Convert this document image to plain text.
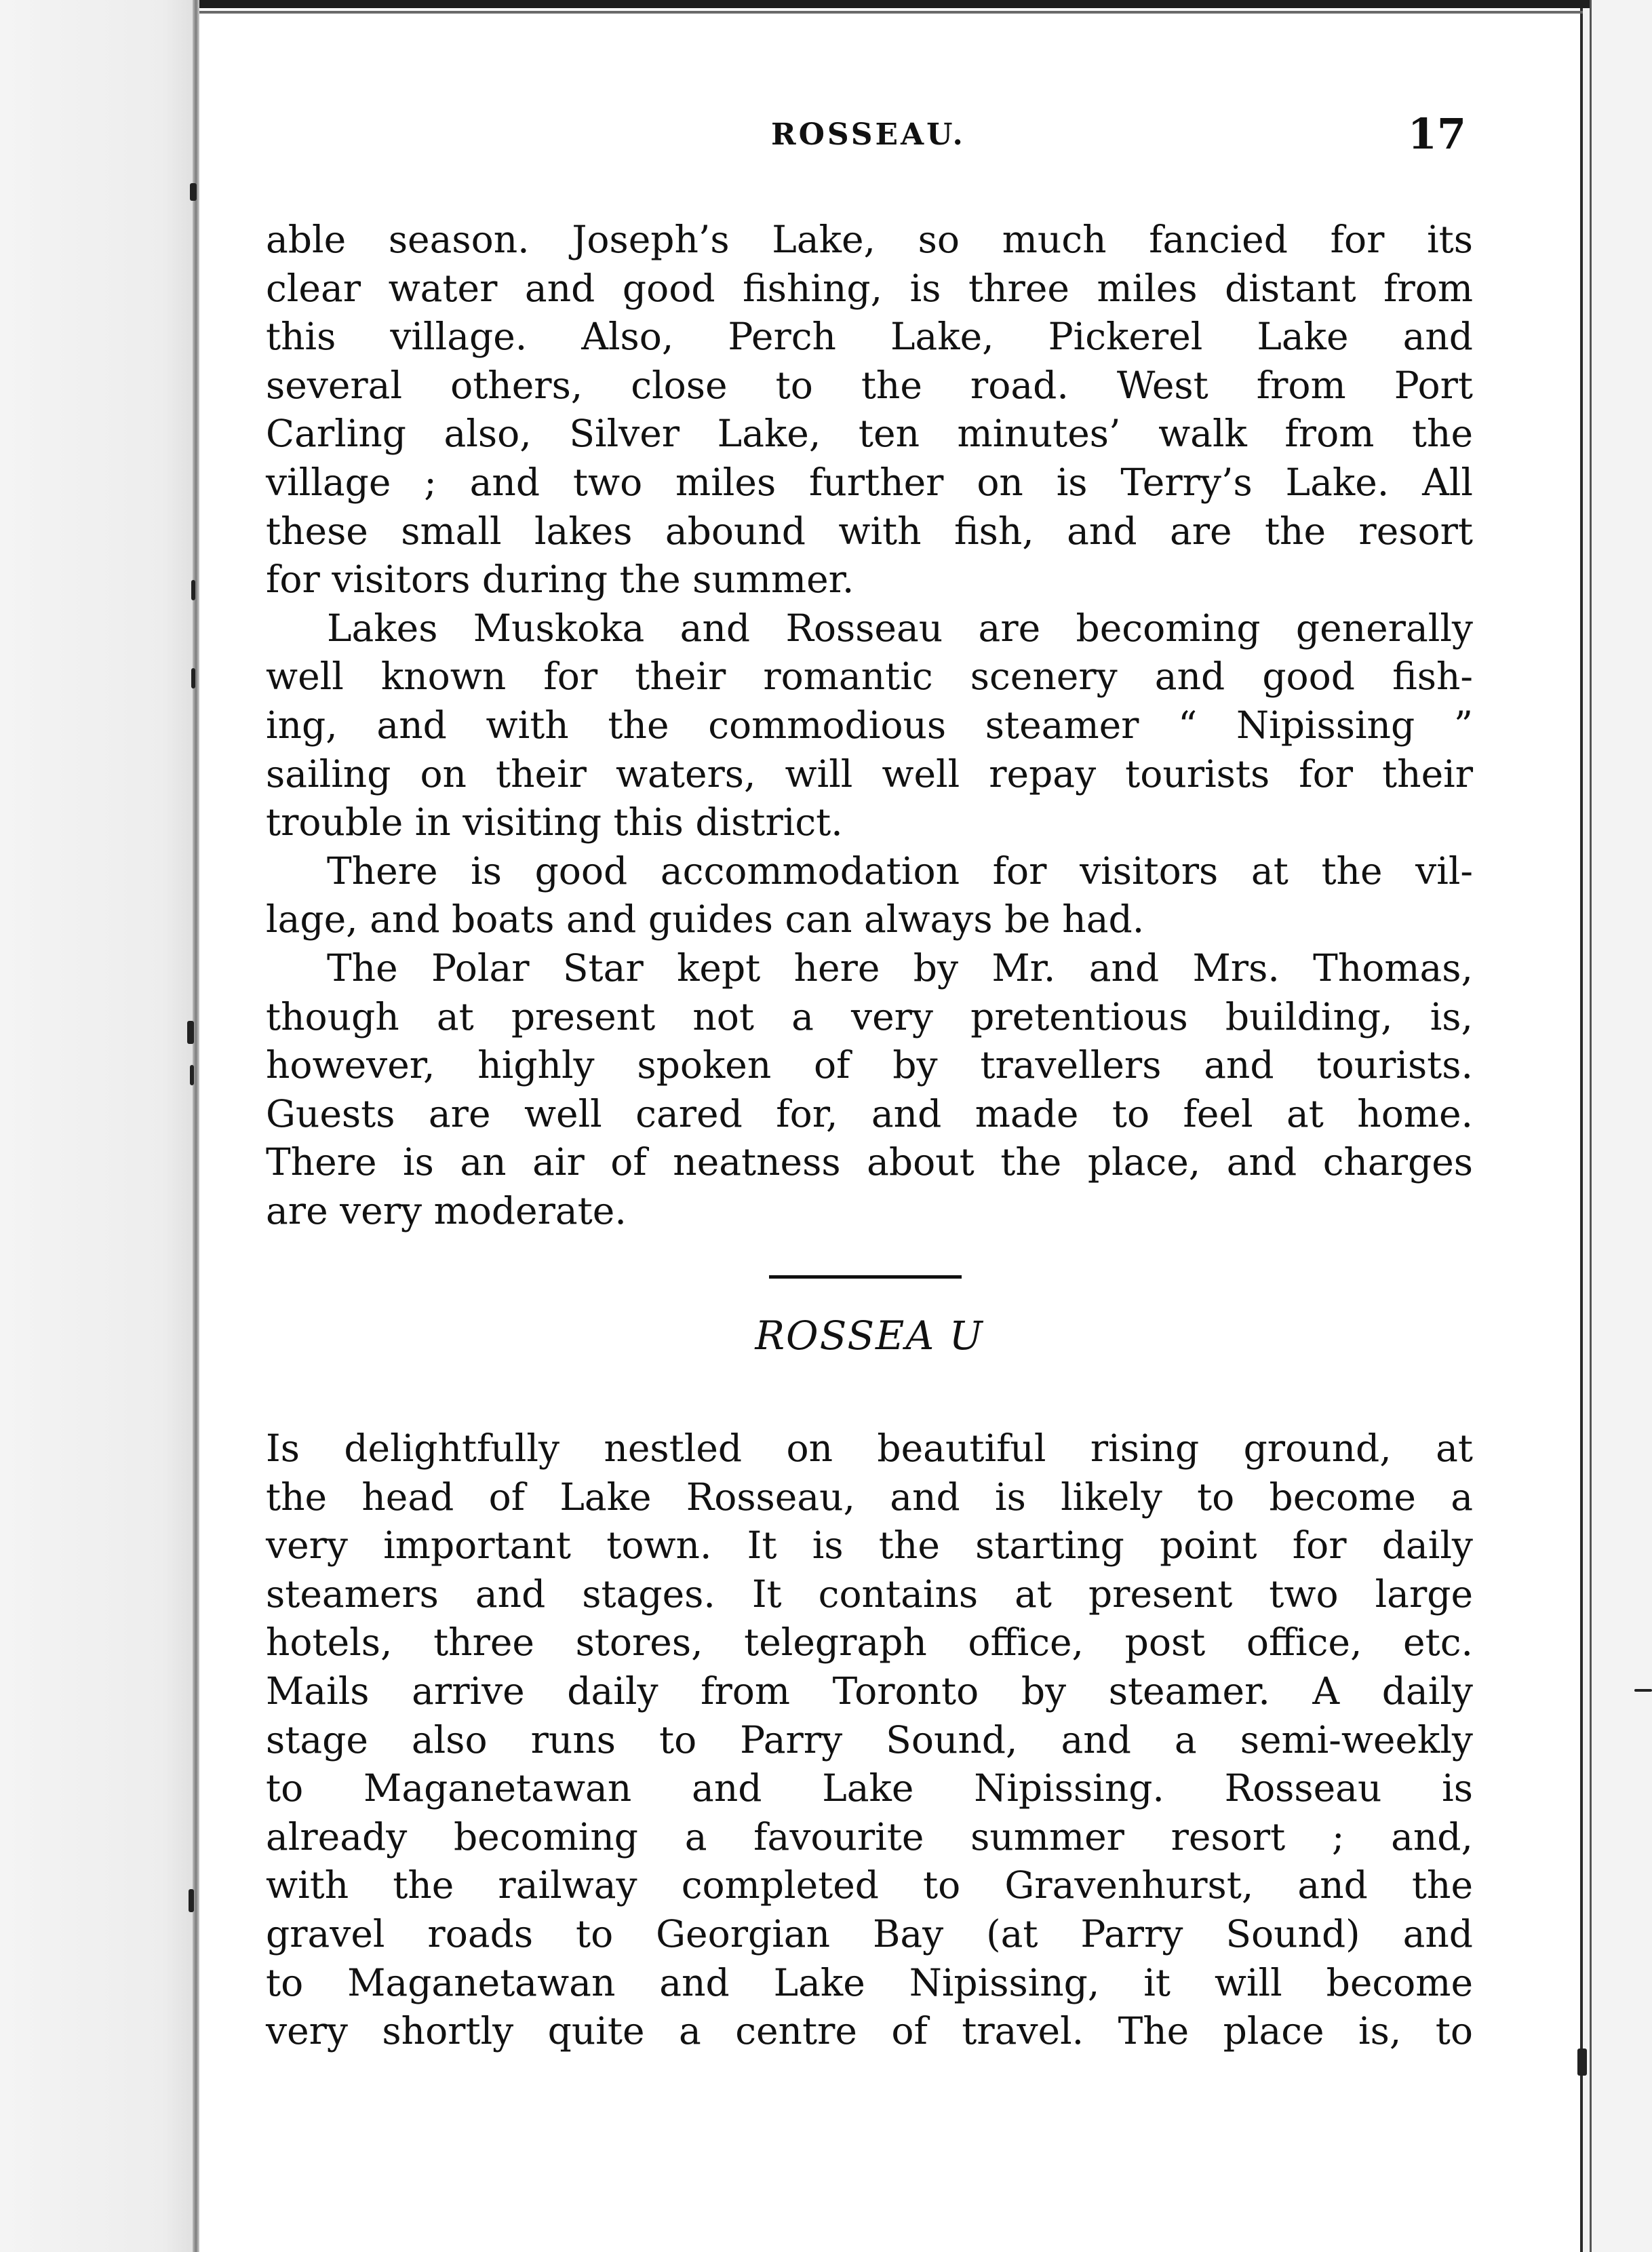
ROSSEAU.	17
able season. Joseph’s Lake, so much fancied for its
clear water and good fishing, is three miles distant from
this village. Also, Perch Lake, Pickerel Lake and
several others, close to the road. West from Port
Carling also, Silver Lake, ten minutes’ walk from the
village ; and two miles further on is Terry’s Lake. All
these small lakes abound with fish, and are the resort
for visitors during the summer.
Lakes Muskoka and Rosseau are becoming generally
well known for their romantic scenery and good fish-
ing, and with the commodious steamer “ Nipissing ”
sailing on their waters, will well repay tourists for their
trouble in visiting this district.
There is good accommodation for visitors at the vil-
lage, and boats and guides can always be had.
The Polar Star kept here by Mr. and Mrs. Thomas,
though at present not a very pretentious building, is,
however, highly spoken of by travellers and tourists.
Guests are well cared for, and made to feel at home.
There is an air of neatness about the place, and charges
are very moderate.
ROSSEA U
Is delightfully nestled on beautiful rising ground, at
the head of Lake Rosseau, and is likely to become a
very important town. It is the starting point for daily
steamers and stages. It contains at present two large
hotels, three stores, telegraph office, post office, etc.
Mails arrive daily from Toronto by steamer. A daily
stage also runs to Parry Sound, and a semi-weekly
to Maganetawan and Lake Nipissing. Rosseau is
already becoming a favourite summer resort ; and,
with the railway completed to Gravenhurst, and the
gravel roads to Georgian Bay (at Parry Sound) and
to Maganetawan and Lake Nipissing, it will become
very shortly quite a centre of travel. The place is, to
